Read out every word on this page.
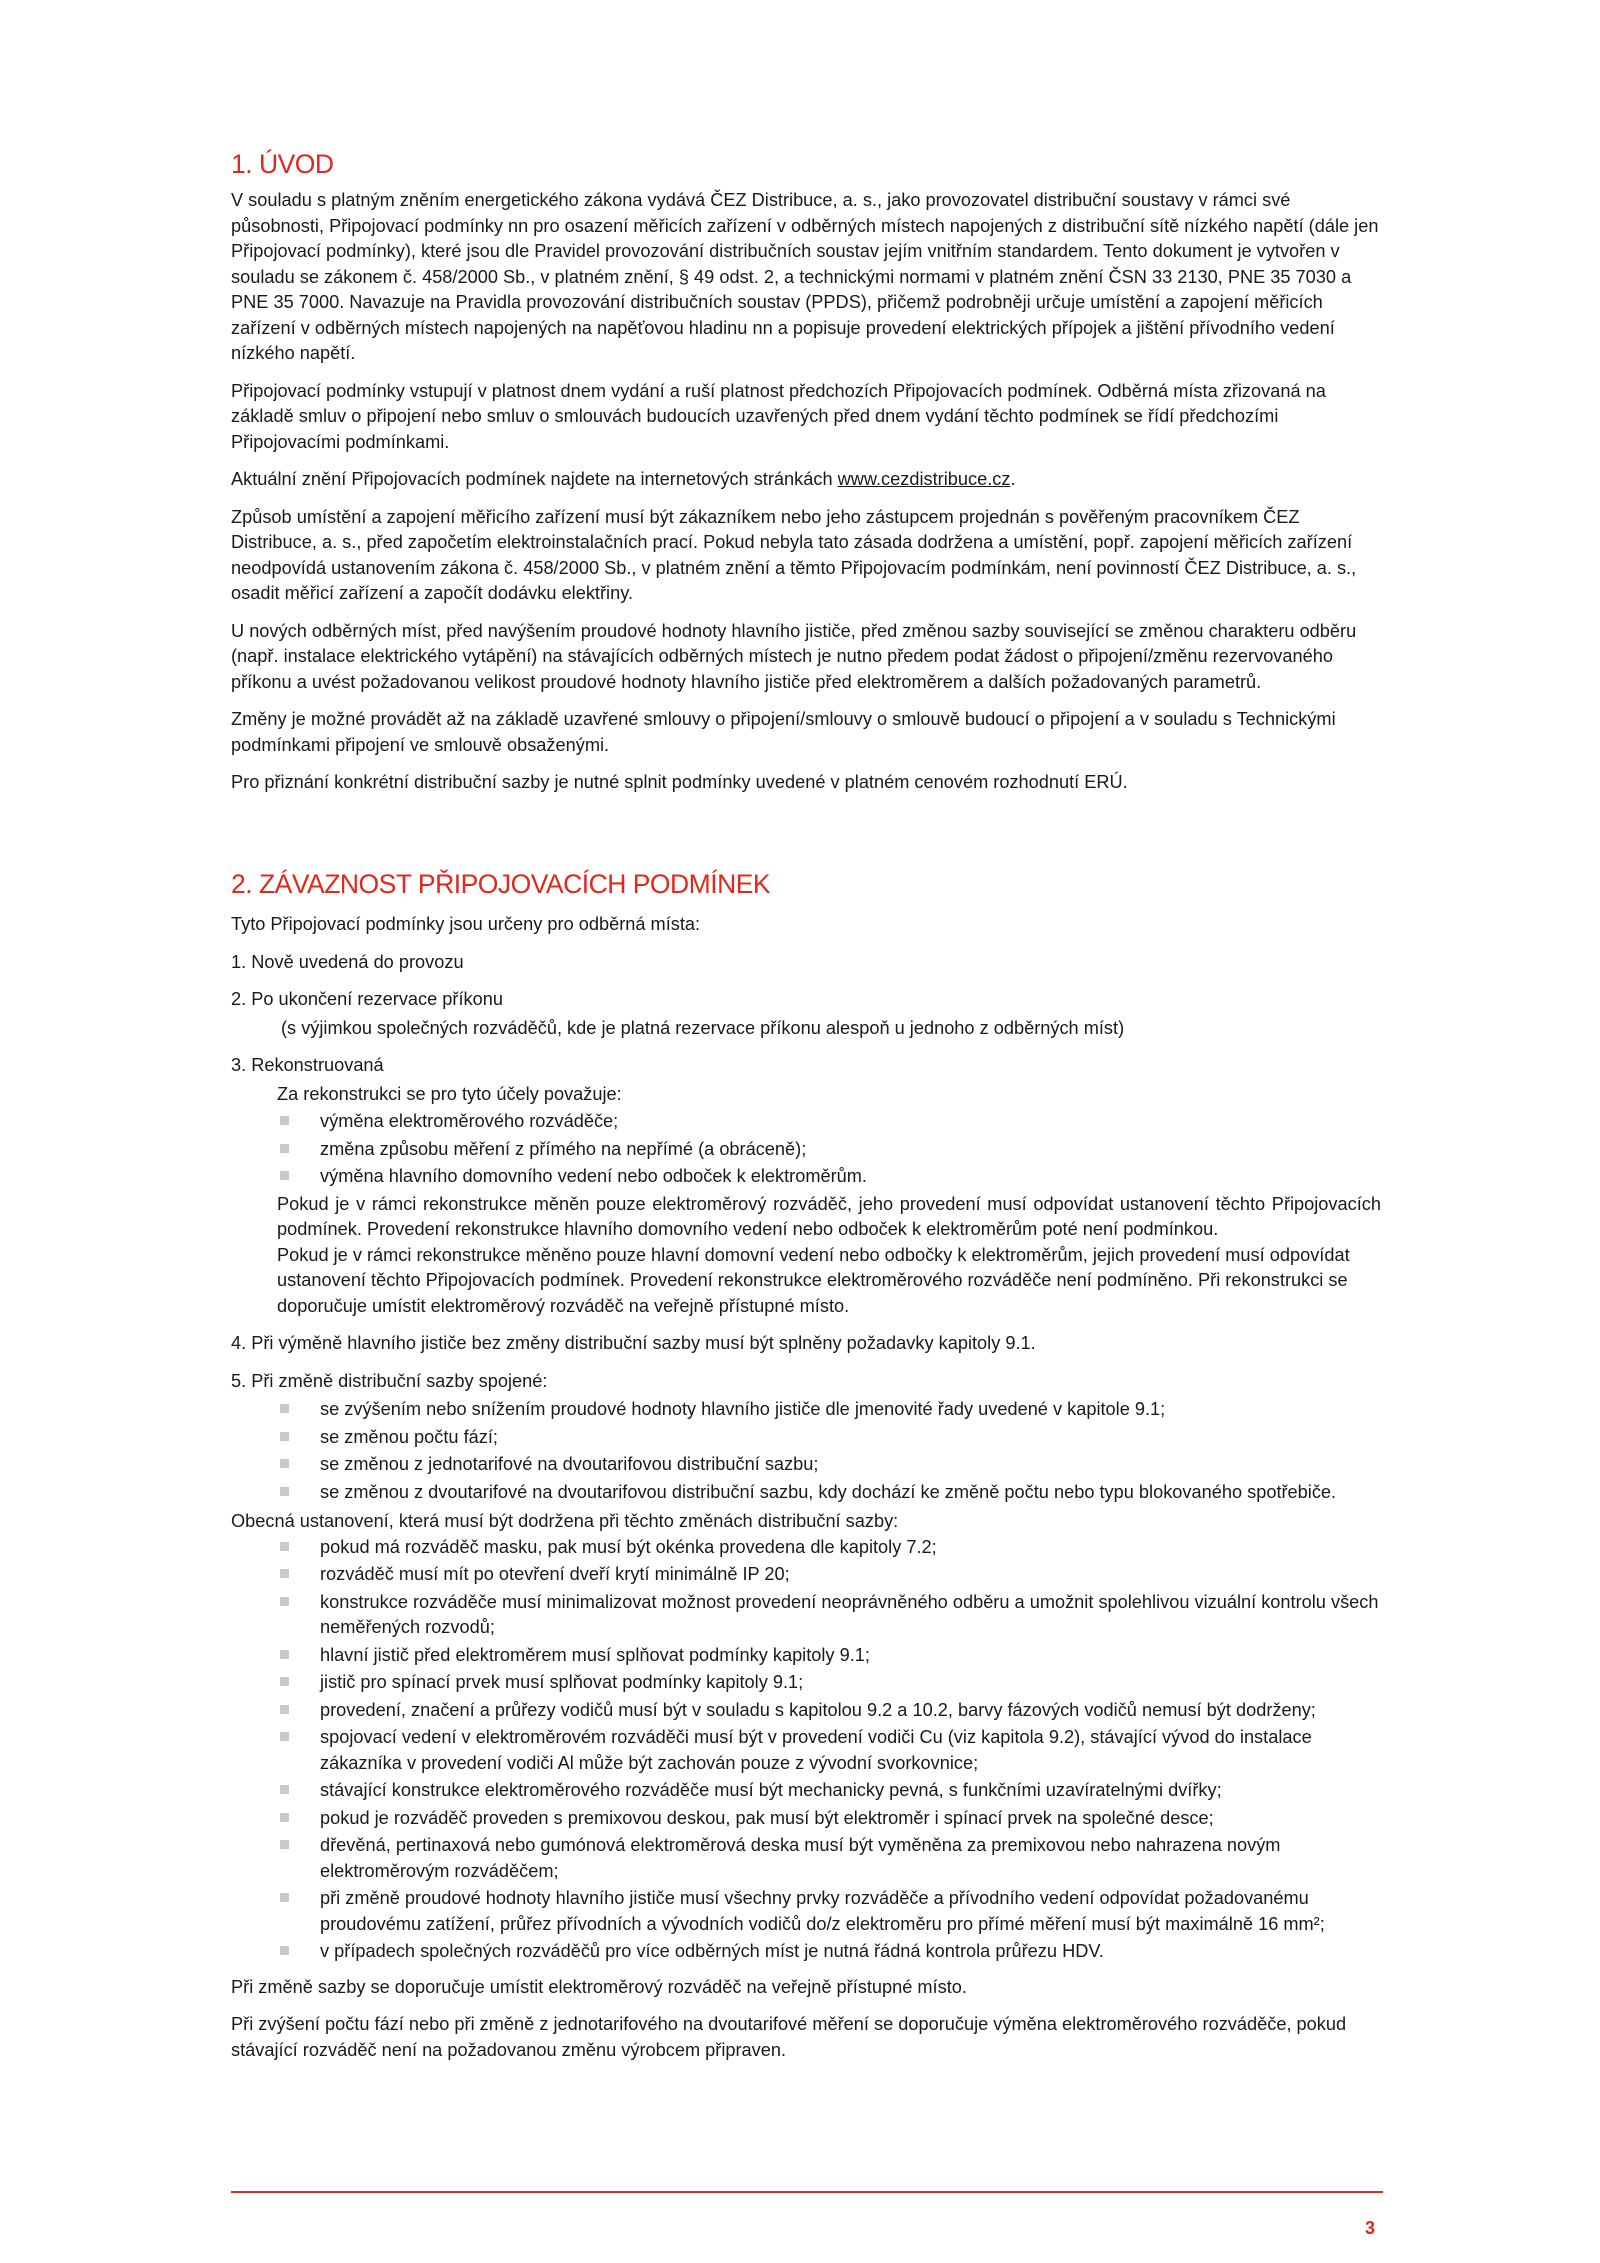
1. ÚVOD

V souladu s platným zněním energetického zákona vydává ČEZ Distribuce, a. s., jako provozovatel distribuční soustavy v rámci své působnosti, Připojovací podmínky nn pro osazení měřicích zařízení v odběrných místech napojených z distribuční sítě nízkého napětí (dále jen Připojovací podmínky), které jsou dle Pravidel provozování distribučních soustav jejím vnitřním standardem. Tento dokument je vytvořen v souladu se zákonem č. 458/2000 Sb., v platném znění, § 49 odst. 2, a technickými normami v platném znění ČSN 33 2130, PNE 35 7030 a PNE 35 7000. Navazuje na Pravidla provozování distribučních soustav (PPDS), přičemž podrobněji určuje umístění a zapojení měřicích zařízení v odběrných místech napojených na napěťovou hladinu nn a popisuje provedení elektrických přípojek a jištění přívodního vedení nízkého napětí.

Připojovací podmínky vstupují v platnost dnem vydání a ruší platnost předchozích Připojovacích podmínek. Odběrná místa zřizovaná na základě smluv o připojení nebo smluv o smlouvách budoucích uzavřených před dnem vydání těchto podmínek se řídí předchozími Připojovacími podmínkami.

Aktuální znění Připojovacích podmínek najdete na internetových stránkách www.cezdistribuce.cz.

Způsob umístění a zapojení měřicího zařízení musí být zákazníkem nebo jeho zástupcem projednán s pověřeným pracovníkem ČEZ Distribuce, a. s., před započetím elektroinstalačních prací. Pokud nebyla tato zásada dodržena a umístění, popř. zapojení měřicích zařízení neodpovídá ustanovením zákona č. 458/2000 Sb., v platném znění a těmto Připojovacím podmínkám, není povinností ČEZ Distribuce, a. s., osadit měřicí zařízení a započít dodávku elektřiny.

U nových odběrných míst, před navýšením proudové hodnoty hlavního jističe, před změnou sazby související se změnou charakteru odběru (např. instalace elektrického vytápění) na stávajících odběrných místech je nutno předem podat žádost o připojení/změnu rezervovaného příkonu a uvést požadovanou velikost proudové hodnoty hlavního jističe před elektroměrem a dalších požadovaných parametrů.

Změny je možné provádět až na základě uzavřené smlouvy o připojení/smlouvy o smlouvě budoucí o připojení a v souladu s Technickými podmínkami připojení ve smlouvě obsaženými.

Pro přiznání konkrétní distribuční sazby je nutné splnit podmínky uvedené v platném cenovém rozhodnutí ERÚ.

2. ZÁVAZNOST PŘIPOJOVACÍCH PODMÍNEK

Tyto Připojovací podmínky jsou určeny pro odběrná místa:

1. Nově uvedená do provozu

2. Po ukončení rezervace příkonu

(s výjimkou společných rozváděčů, kde je platná rezervace příkonu alespoň u jednoho z odběrných míst)

3. Rekonstruovaná

Za rekonstrukci se pro tyto účely považuje:
výměna elektroměrového rozváděče;
změna způsobu měření z přímého na nepřímé (a obráceně);
výměna hlavního domovního vedení nebo odboček k elektroměrům.
Pokud je v rámci rekonstrukce měněn pouze elektroměrový rozváděč, jeho provedení musí odpovídat ustanovení těchto Připojovacích podmínek. Provedení rekonstrukce hlavního domovního vedení nebo odboček k elektroměrům poté není podmínkou.

Pokud je v rámci rekonstrukce měněno pouze hlavní domovní vedení nebo odbočky k elektroměrům, jejich provedení musí odpovídat ustanovení těchto Připojovacích podmínek. Provedení rekonstrukce elektroměrového rozváděče není podmíněno. Při rekonstrukci se doporučuje umístit elektroměrový rozváděč na veřejně přístupné místo.

4. Při výměně hlavního jističe bez změny distribuční sazby musí být splněny požadavky kapitoly 9.1.

5. Při změně distribuční sazby spojené:

se zvýšením nebo snížením proudové hodnoty hlavního jističe dle jmenovité řady uvedené v kapitole 9.1;
se změnou počtu fází;
se změnou z jednotarifové na dvoutarifovou distribuční sazbu;
se změnou z dvoutarifové na dvoutarifovou distribuční sazbu, kdy dochází ke změně počtu nebo typu blokovaného spotřebiče.
Obecná ustanovení, která musí být dodržena při těchto změnách distribuční sazby:
pokud má rozváděč masku, pak musí být okénka provedena dle kapitoly 7.2;
rozváděč musí mít po otevření dveří krytí minimálně IP 20;
konstrukce rozváděče musí minimalizovat možnost provedení neoprávněného odběru a umožnit spolehlivou vizuální kontrolu všech neměřených rozvodů;
hlavní jistič před elektroměrem musí splňovat podmínky kapitoly 9.1;
jistič pro spínací prvek musí splňovat podmínky kapitoly 9.1;
provedení, značení a průřezy vodičů musí být v souladu s kapitolou 9.2 a 10.2, barvy fázových vodičů nemusí být dodrženy;
spojovací vedení v elektroměrovém rozváděči musí být v provedení vodiči Cu (viz kapitola 9.2), stávající vývod do instalace zákazníka v provedení vodiči Al může být zachován pouze z vývodní svorkovnice;
stávající konstrukce elektroměrového rozváděče musí být mechanicky pevná, s funkčními uzavíratelnými dvířky;
pokud je rozváděč proveden s premixovou deskou, pak musí být elektroměr i spínací prvek na společné desce;
dřevěná, pertinaxová nebo gumónová elektroměrová deska musí být vyměněna za premixovou nebo nahrazena novým elektroměrovým rozváděčem;
při změně proudové hodnoty hlavního jističe musí všechny prvky rozváděče a přívodního vedení odpovídat požadovanému proudovému zatížení, průřez přívodních a vývodních vodičů do/z elektroměru pro přímé měření musí být maximálně 16 mm²;
v případech společných rozváděčů pro více odběrných míst je nutná řádná kontrola průřezu HDV.

Při změně sazby se doporučuje umístit elektroměrový rozváděč na veřejně přístupné místo.

Při zvýšení počtu fází nebo při změně z jednotarifového na dvoutarifové měření se doporučuje výměna elektroměrového rozváděče, pokud stávající rozváděč není na požadovanou změnu výrobcem připraven.

3
